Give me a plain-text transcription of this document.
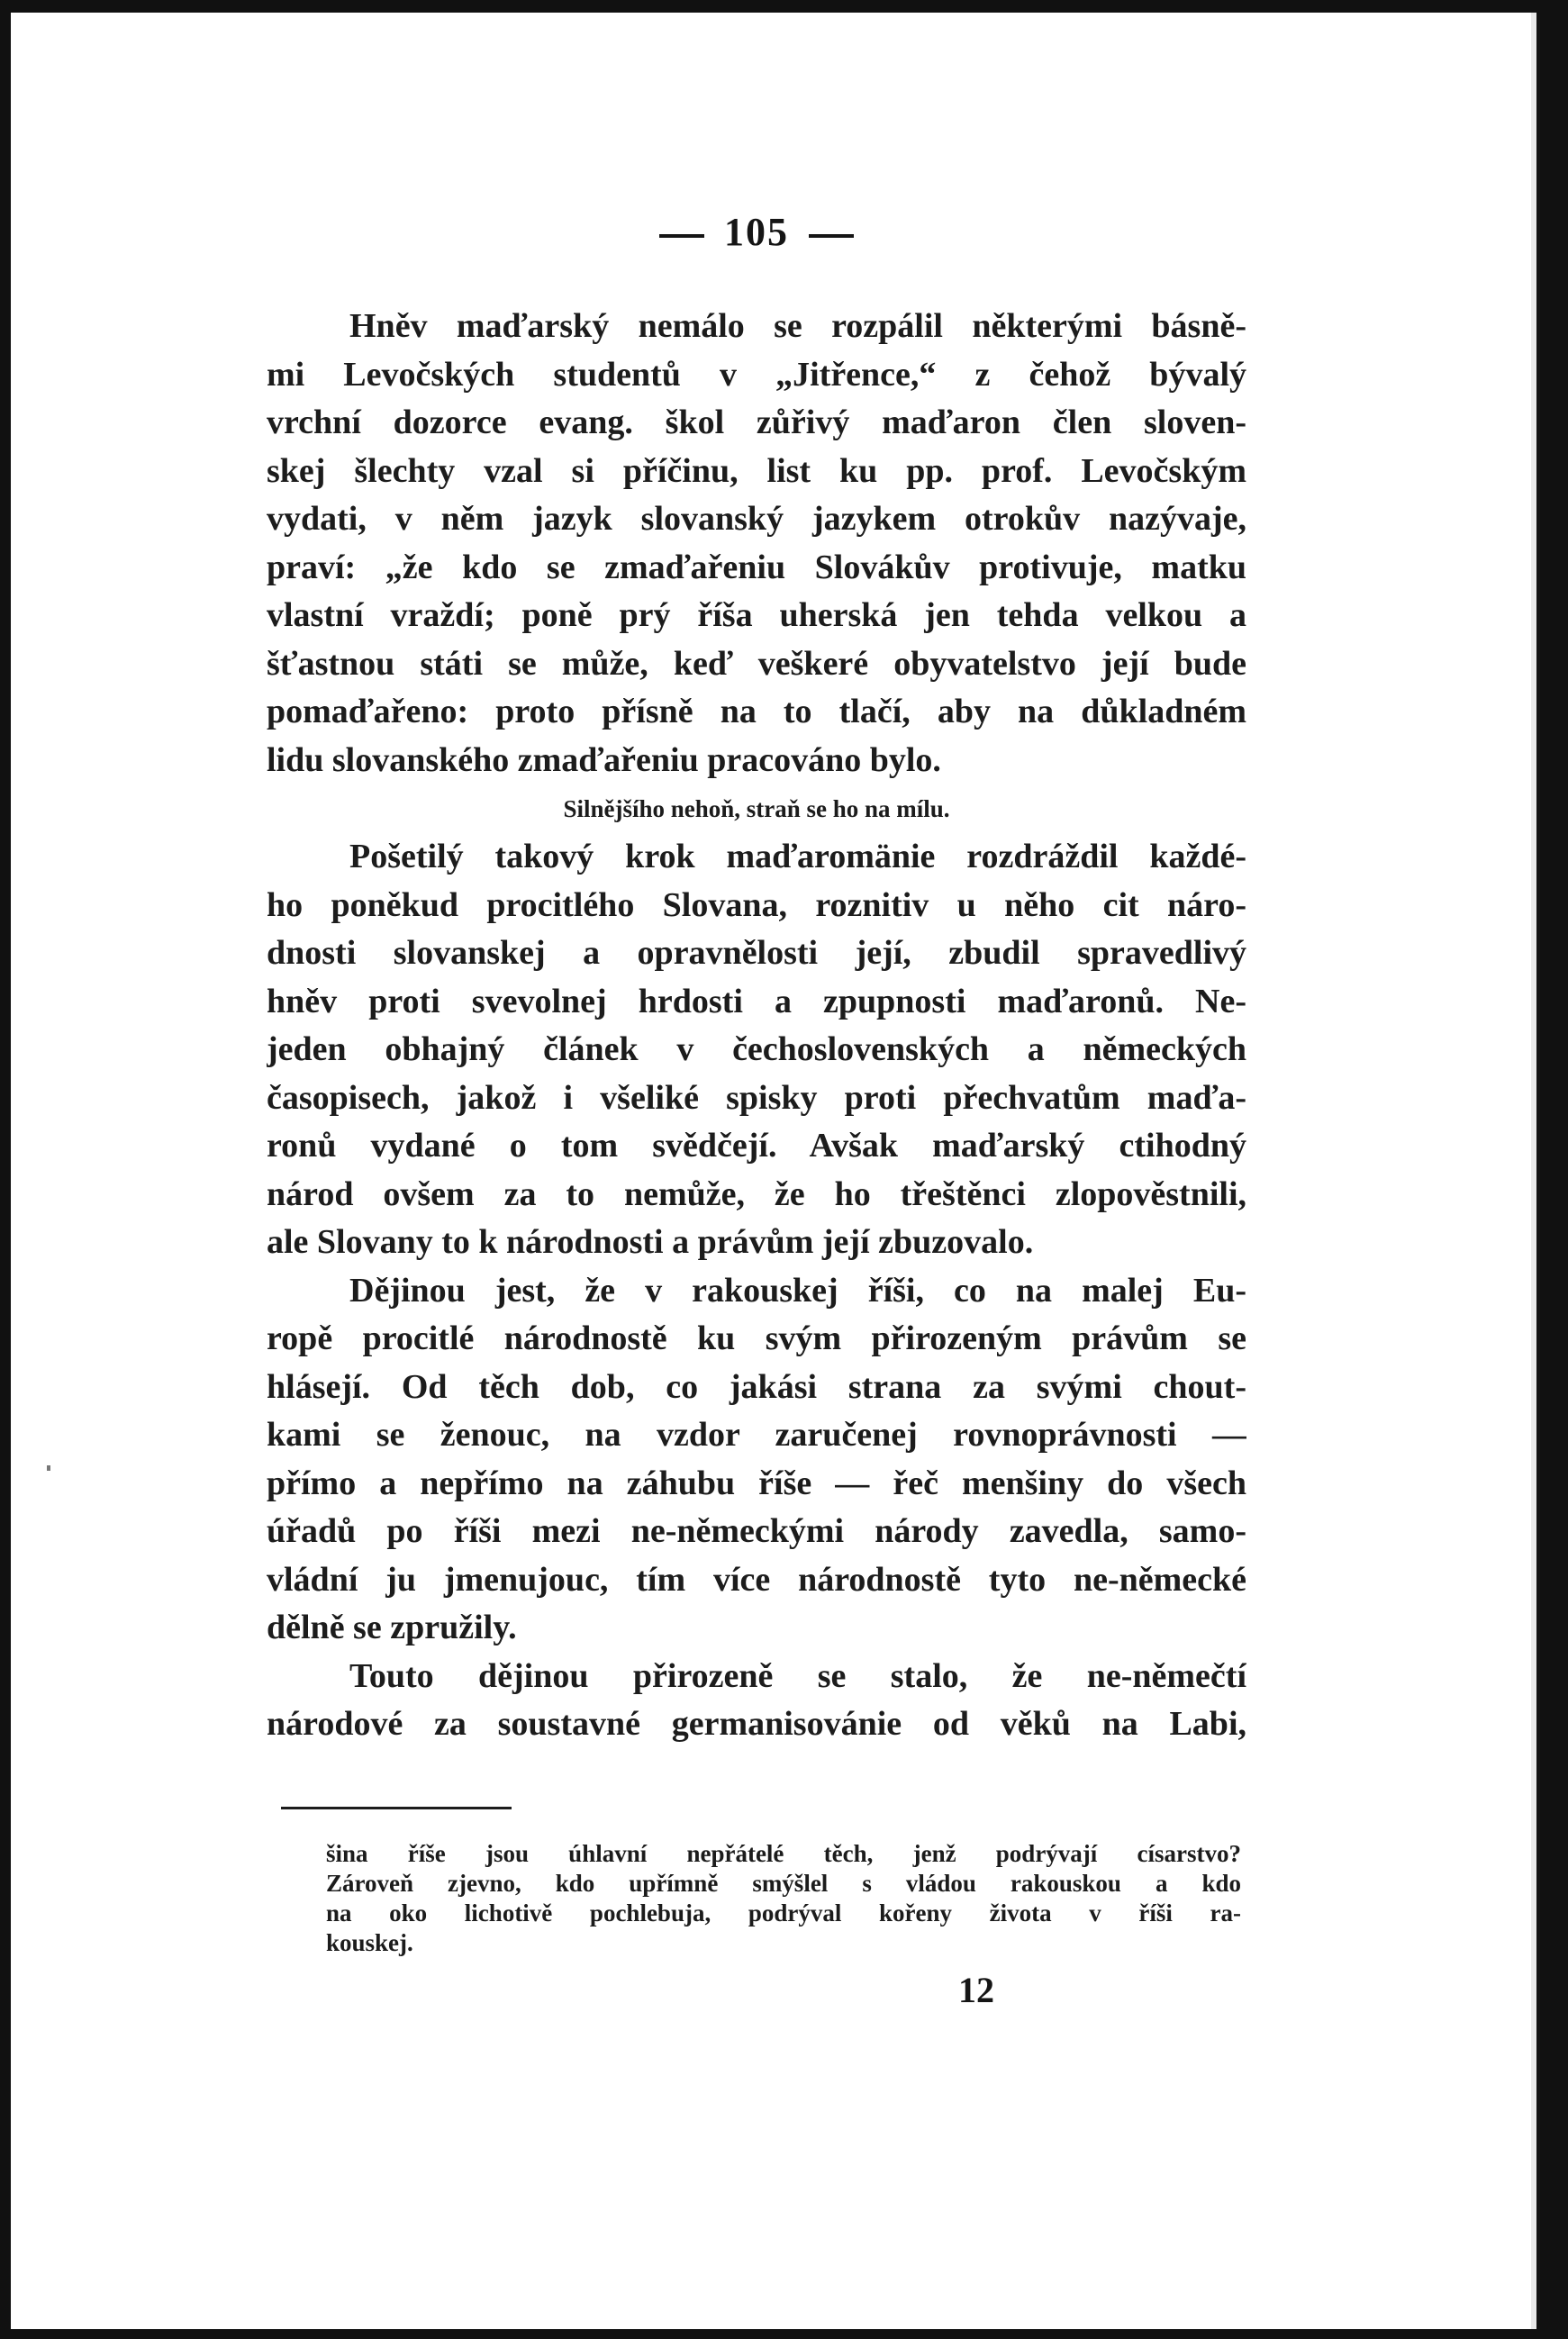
105
Hněv maďarský nemálo se rozpálil některými básně-
mi Levočských studentů v „Jitřence,“ z čehož bývalý
vrchní dozorce evang. škol zůřivý maďaron člen sloven-
skej šlechty vzal si příčinu, list ku pp. prof. Levočským
vydati, v něm jazyk slovanský jazykem otrokův nazývaje,
praví: „že kdo se zmaďařeniu Slovákův protivuje, matku
vlastní vraždí; poně prý říša uherská jen tehda velkou a
šťastnou státi se může, keď veškeré obyvatelstvo její bude
pomaďařeno: proto přísně na to tlačí, aby na důkladném
lidu slovanského zmaďařeniu pracováno bylo.
Silnějšího nehoň, straň se ho na mílu.
Pošetilý takový krok maďaromänie rozdráždil každé-
ho poněkud procitlého Slovana, roznitiv u něho cit náro-
dnosti slovanskej a opravnělosti její, zbudil spravedlivý
hněv proti svevolnej hrdosti a zpupnosti maďaronů. Ne-
jeden obhajný článek v čechoslovenských a německých
časopisech, jakož i všeliké spisky proti přechvatům maďa-
ronů vydané o tom svědčejí. Avšak maďarský ctihodný
národ ovšem za to nemůže, že ho třeštěnci zlopověstnili,
ale Slovany to k národnosti a právům její zbuzovalo.
Dějinou jest, že v rakouskej říši, co na malej Eu-
ropě procitlé národnostě ku svým přirozeným právům se
hlásejí. Od těch dob, co jakási strana za svými chout-
kami se ženouc, na vzdor zaručenej rovnoprávnosti —
přímo a nepřímo na záhubu říše — řeč menšiny do všech
úřadů po říši mezi ne-německými národy zavedla, samo-
vládní ju jmenujouc, tím více národnostě tyto ne-německé
dělně se zpružily.
Touto dějinou přirozeně se stalo, že ne-němečtí
národové za soustavné germanisovánie od věků na Labi,
šina říše jsou úhlavní nepřátelé těch, jenž podrývají císarstvo?
Zároveň zjevno, kdo upřímně smýšlel s vládou rakouskou a kdo
na oko lichotivě pochlebuja, podrýval kořeny života v říši ra-
kouskej.
12
